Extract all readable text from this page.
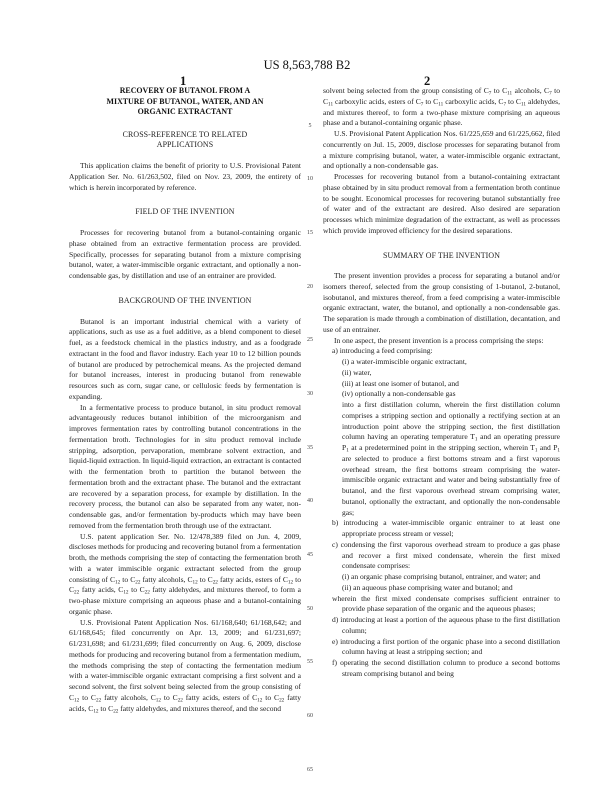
US 8,563,788 B2
1	2
RECOVERY OF BUTANOL FROM A
MIXTURE OF BUTANOL, WATER, AND AN
ORGANIC EXTRACTANT
CROSS-REFERENCE TO RELATED
APPLICATIONS

This application claims the benefit of priority to U.S. Provisional Patent Application Ser. No. 61/263,502, filed on Nov. 23, 2009, the entirety of which is herein incorporated by reference.

FIELD OF THE INVENTION

Processes for recovering butanol from a butanol-containing organic phase obtained from an extractive fermentation process are provided. Specifically, processes for separating butanol from a mixture comprising butanol, water, a water-immiscible organic extractant, and optionally a non-condensable gas, by distillation and use of an entrainer are provided.

BACKGROUND OF THE INVENTION

Butanol is an important industrial chemical with a variety of applications, such as use as a fuel additive, as a blend component to diesel fuel, as a feedstock chemical in the plastics industry, and as a foodgrade extractant in the food and flavor industry. Each year 10 to 12 billion pounds of butanol are produced by petrochemical means. As the projected demand for butanol increases, interest in producing butanol from renewable resources such as corn, sugar cane, or cellulosic feeds by fermentation is expanding.

In a fermentative process to produce butanol, in situ product removal advantageously reduces butanol inhibition of the microorganism and improves fermentation rates by controlling butanol concentrations in the fermentation broth. Technologies for in situ product removal include stripping, adsorption, pervaporation, membrane solvent extraction, and liquid-liquid extraction. In liquid-liquid extraction, an extractant is contacted with the fermentation broth to partition the butanol between the fermentation broth and the extractant phase. The butanol and the extractant are recovered by a separation process, for example by distillation. In the recovery process, the butanol can also be separated from any water, non-condensable gas, and/or fermentation by-products which may have been removed from the fermentation broth through use of the extractant.

U.S. patent application Ser. No. 12/478,389 filed on Jun. 4, 2009, discloses methods for producing and recovering butanol from a fermentation broth, the methods comprising the step of contacting the fermentation broth with a water immiscible organic extractant selected from the group consisting of $C_{12}$ to $C_{22}$ fatty alcohols, $C_{12}$ to $C_{22}$ fatty acids, esters of $C_{12}$ to $C_{22}$ fatty acids, $C_{12}$ to $C_{22}$ fatty aldehydes, and mixtures thereof, to form a two-phase mixture comprising an aqueous phase and a butanol-containing organic phase.

U.S. Provisional Patent Application Nos. 61/168,640; 61/168,642; and 61/168,645; filed concurrently on Apr. 13, 2009; and 61/231,697; 61/231,698; and 61/231,699; filed concurrently on Aug. 6, 2009, disclose methods for producing and recovering butanol from a fermentation medium, the methods comprising the step of contacting the fermentation medium with a water-immiscible organic extractant comprising a first solvent and a second solvent, the first solvent being selected from the group consisting of $C_{12}$ to $C_{22}$ fatty alcohols, $C_{12}$ to $C_{22}$ fatty acids, esters of $C_{12}$ to $C_{22}$ fatty acids, $C_{12}$ to $C_{22}$ fatty aldehydes, and mixtures thereof, and the second

5
10
15
20
25
30
35
40
45
50
55
60
65

solvent being selected from the group consisting of $C_7$ to $C_{11}$ alcohols, $C_7$ to $C_{11}$ carboxylic acids, esters of $C_7$ to $C_{11}$ carboxylic acids, $C_7$ to $C_{11}$ aldehydes, and mixtures thereof, to form a two-phase mixture comprising an aqueous phase and a butanol-containing organic phase.

U.S. Provisional Patent Application Nos. 61/225,659 and 61/225,662, filed concurrently on Jul. 15, 2009, disclose processes for separating butanol from a mixture comprising butanol, water, a water-immiscible organic extractant, and optionally a non-condensable gas.

Processes for recovering butanol from a butanol-containing extractant phase obtained by in situ product removal from a fermentation broth continue to be sought. Economical processes for recovering butanol substantially free of water and of the extractant are desired. Also desired are separation processes which minimize degradation of the extractant, as well as processes which provide improved efficiency for the desired separations.

SUMMARY OF THE INVENTION

The present invention provides a process for separating a butanol and/or isomers thereof, selected from the group consisting of 1-butanol, 2-butanol, isobutanol, and mixtures thereof, from a feed comprising a water-immiscible organic extractant, water, the butanol, and optionally a non-condensable gas. The separation is made through a combination of distillation, decantation, and use of an entrainer.

In one aspect, the present invention is a process comprising the steps:

a) introducing a feed comprising:
(i) a water-immiscible organic extractant,
(ii) water,
(iii) at least one isomer of butanol, and
(iv) optionally a non-condensable gas
into a first distillation column, wherein the first distillation column comprises a stripping section and optionally a rectifying section at an introduction point above the stripping section, the first distillation column having an operating temperature $T_1$ and an operating pressure $P_1$ at a predetermined point in the stripping section, wherein $T_1$ and $P_1$ are selected to produce a first bottoms stream and a first vaporous overhead stream, the first bottoms stream comprising the water-immiscible organic extractant and water and being substantially free of butanol, and the first vaporous overhead stream comprising water, butanol, optionally the extractant, and optionally the non-condensable gas;
b) introducing a water-immiscible organic entrainer to at least one appropriate process stream or vessel;
c) condensing the first vaporous overhead stream to produce a gas phase and recover a first mixed condensate, wherein the first mixed condensate comprises:
(i) an organic phase comprising butanol, entrainer, and water; and
(ii) an aqueous phase comprising water and butanol; and
wherein the first mixed condensate comprises sufficient entrainer to provide phase separation of the organic and the aqueous phases;
d) introducing at least a portion of the aqueous phase to the first distillation column;
e) introducing a first portion of the organic phase into a second distillation column having at least a stripping section; and
f) operating the second distillation column to produce a second bottoms stream comprising butanol and being
